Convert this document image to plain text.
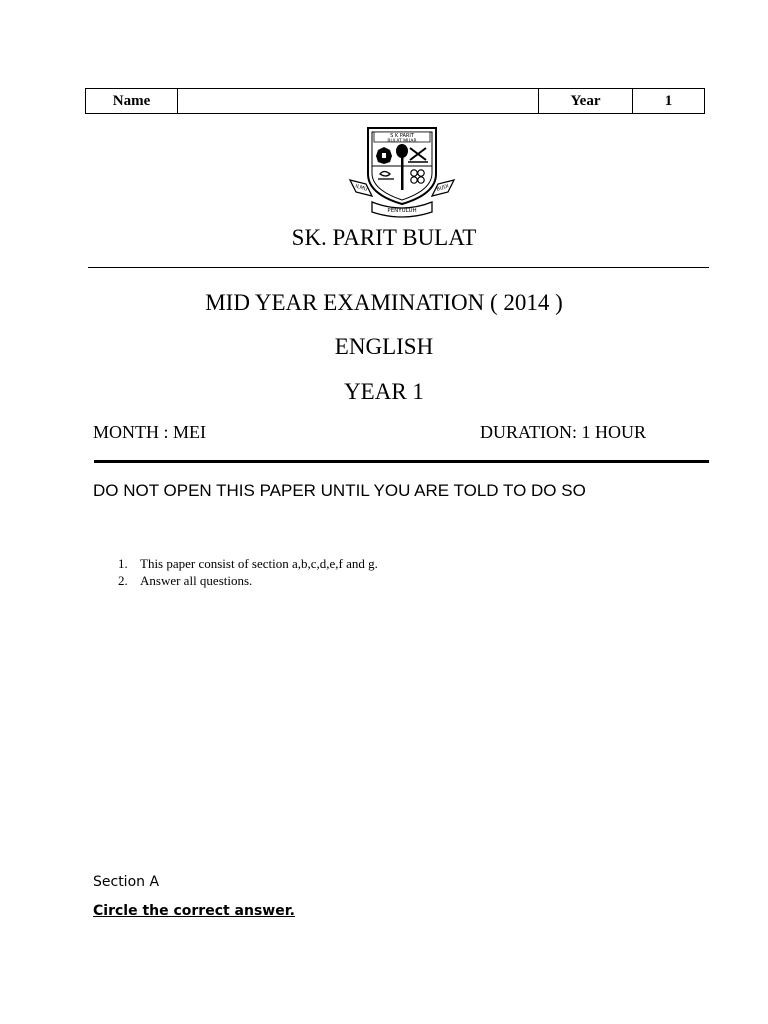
Name		Year	1
S K PARIT
BULAT MUAR
ILMU	BUDI
PENYULUH
SK. PARIT BULAT
MID YEAR EXAMINATION ( 2014 )
ENGLISH
YEAR 1
MONTH : MEI	DURATION: 1 HOUR
DO NOT OPEN THIS PAPER UNTIL YOU ARE TOLD TO DO SO
1. This paper consist of section a,b,c,d,e,f and g.
2. Answer all questions.
Section A
Circle the correct answer.
